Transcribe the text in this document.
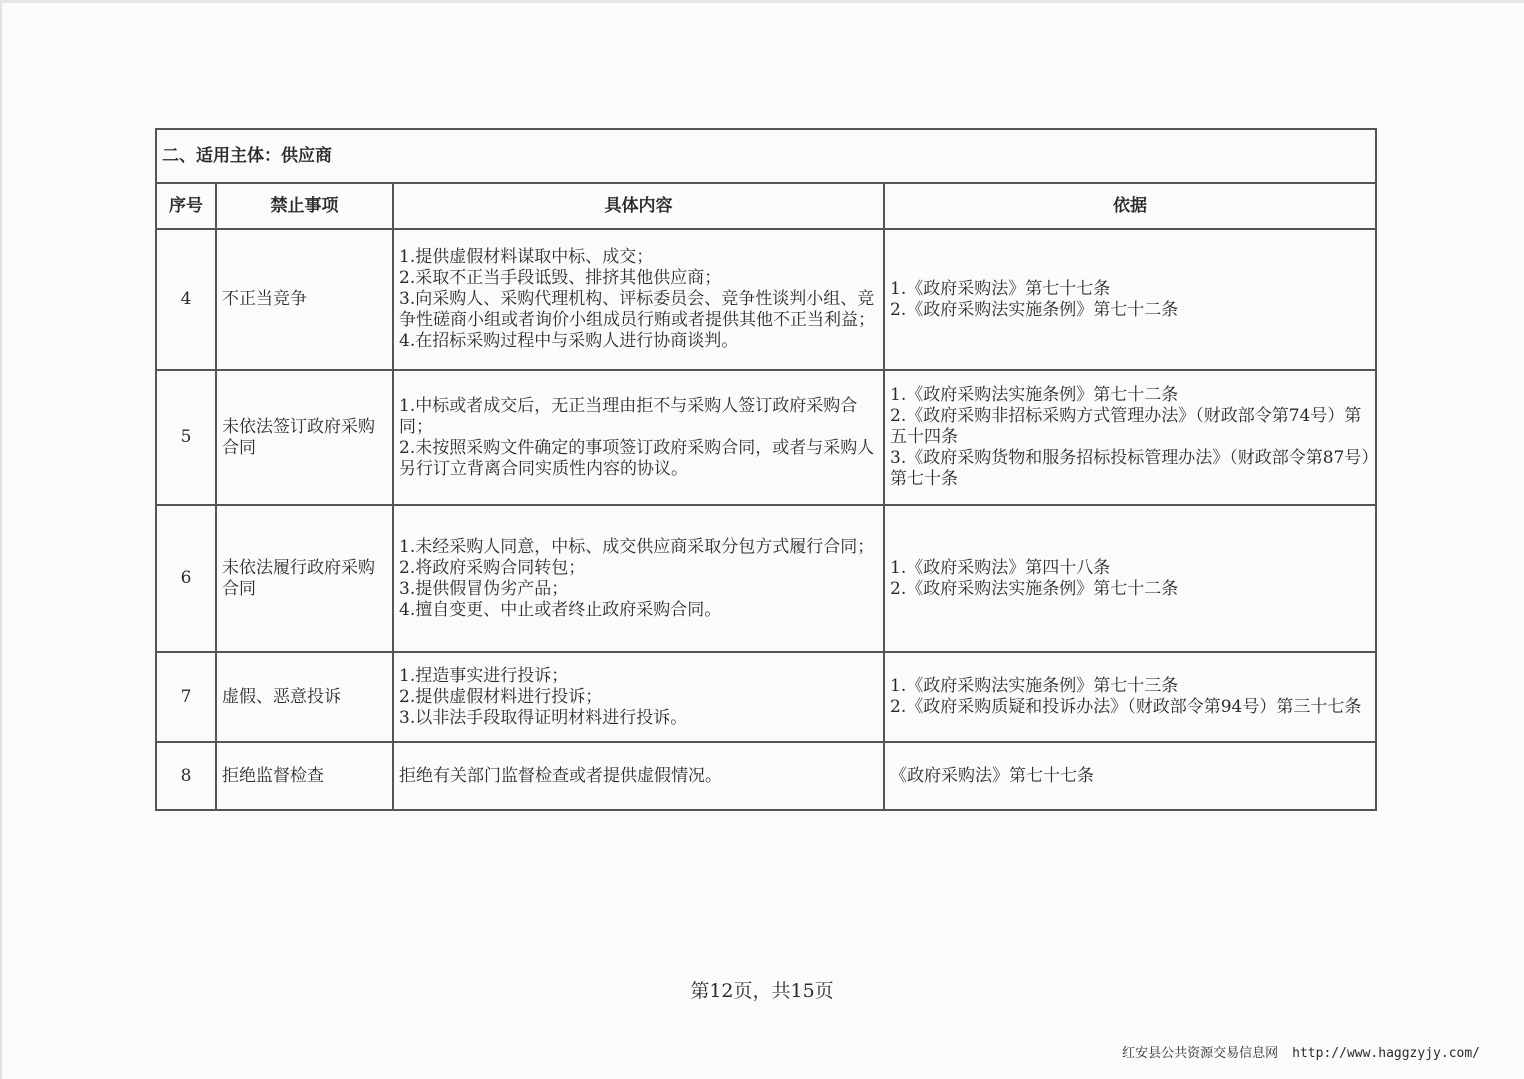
二、适用主体：供应商			
序号	禁止事项	具体内容	依据
4	不正当竞争	1.提供虚假材料谋取中标、成交；
2.采取不正当手段诋毁、排挤其他供应商；
3.向采购人、采购代理机构、评标委员会、竞争性谈判小组、竞争性磋商小组或者询价小组成员行贿或者提供其他不正当利益；
4.在招标采购过程中与采购人进行协商谈判。	1.《政府采购法》第七十七条
2.《政府采购法实施条例》第七十二条

5	未依法签订政府采购合同	1.中标或者成交后，无正当理由拒不与采购人签订政府采购合同；
2.未按照采购文件确定的事项签订政府采购合同，或者与采购人另行订立背离合同实质性内容的协议。	1.《政府采购法实施条例》第七十二条
2.《政府采购非招标采购方式管理办法》（财政部令第74号）第五十四条
3.《政府采购货物和服务招标投标管理办法》（财政部令第87号）第七十条

6	未依法履行政府采购合同	1.未经采购人同意，中标、成交供应商采取分包方式履行合同；
2.将政府采购合同转包；
3.提供假冒伪劣产品；
4.擅自变更、中止或者终止政府采购合同。	1.《政府采购法》第四十八条
2.《政府采购法实施条例》第七十二条

7	虚假、恶意投诉	1.捏造事实进行投诉；
2.提供虚假材料进行投诉；
3.以非法手段取得证明材料进行投诉。	1.《政府采购法实施条例》第七十三条
2.《政府采购质疑和投诉办法》（财政部令第94号）第三十七条

8	拒绝监督检查	拒绝有关部门监督检查或者提供虚假情况。	《政府采购法》第七十七条
第12页，共15页
红安县公共资源交易信息网 http://www.haggzyjy.com/
